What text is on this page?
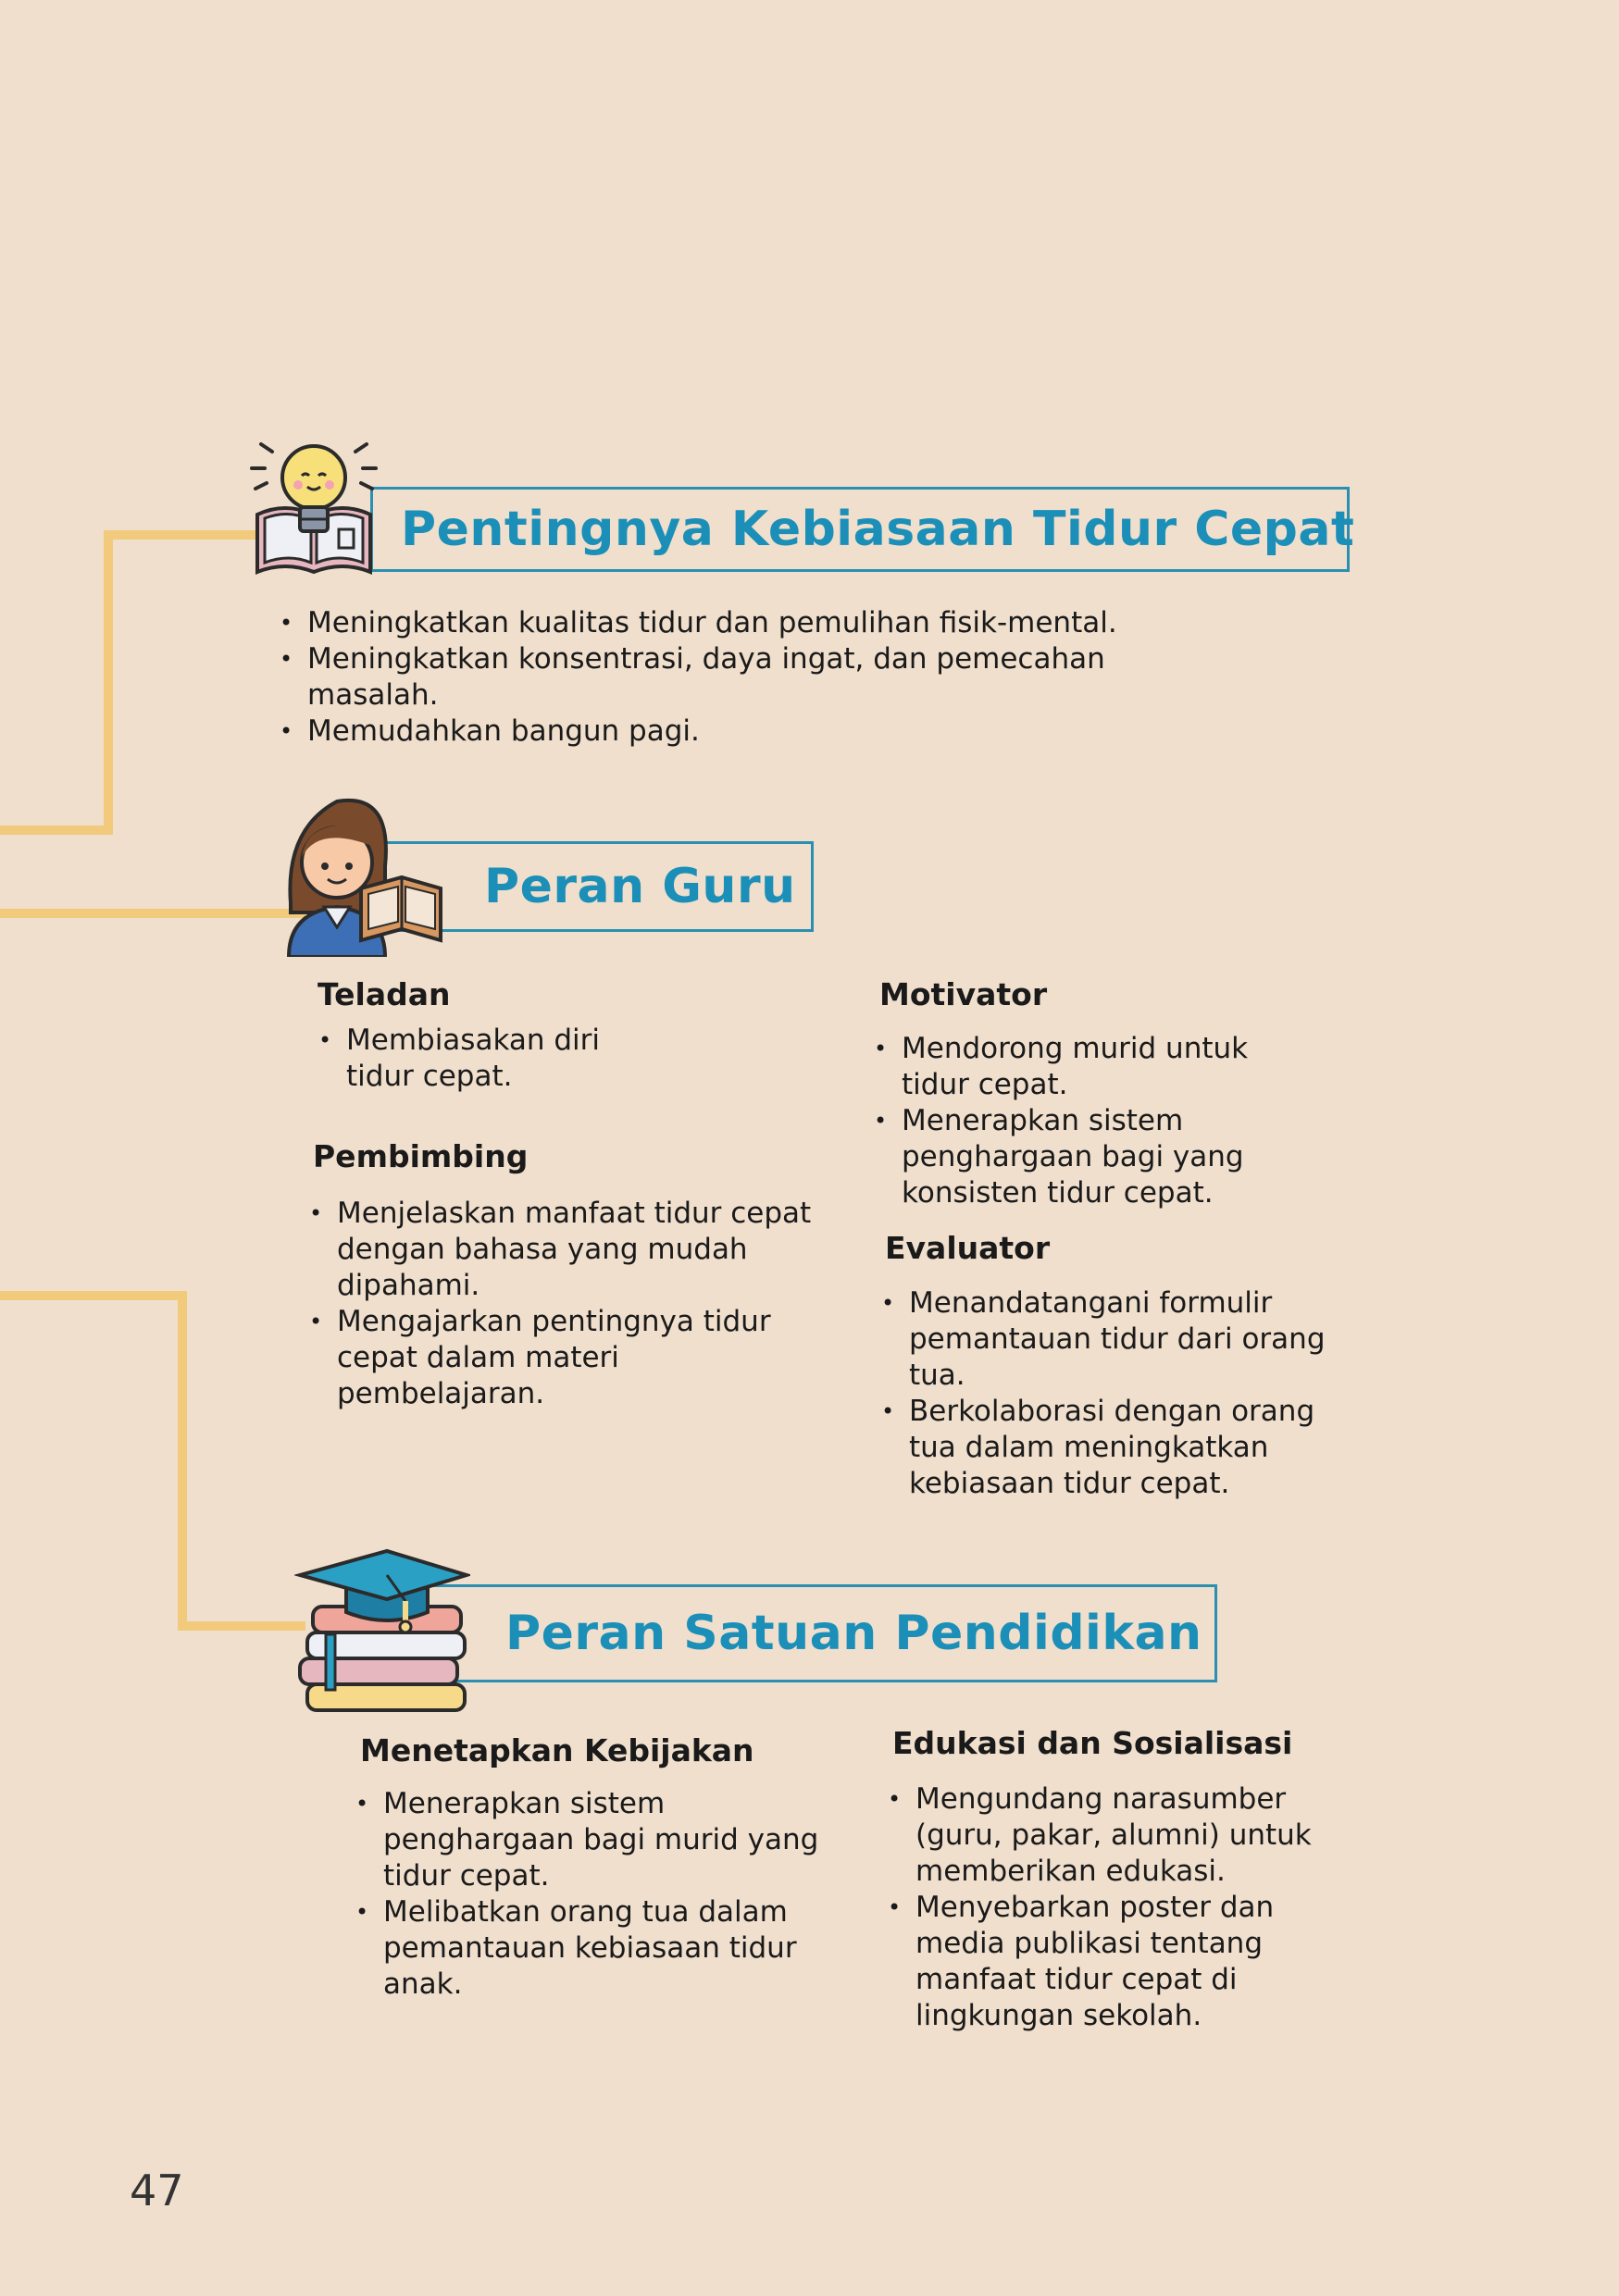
Pentingnya Kebiasaan Tidur Cepat
• Meningkatkan kualitas tidur dan pemulihan fisik-mental.
• Meningkatkan konsentrasi, daya ingat, dan pemecahan masalah.
• Memudahkan bangun pagi.
Peran Guru
Teladan
• Membiasakan diri tidur cepat.
Pembimbing
• Menjelaskan manfaat tidur cepat dengan bahasa yang mudah dipahami.
• Mengajarkan pentingnya tidur cepat dalam materi pembelajaran.
Motivator
• Mendorong murid untuk tidur cepat.
• Menerapkan sistem penghargaan bagi yang konsisten tidur cepat.
Evaluator
• Menandatangani formulir pemantauan tidur dari orang tua.
• Berkolaborasi dengan orang tua dalam meningkatkan kebiasaan tidur cepat.
Peran Satuan Pendidikan
Menetapkan Kebijakan
• Menerapkan sistem penghargaan bagi murid yang tidur cepat.
• Melibatkan orang tua dalam pemantauan kebiasaan tidur anak.
Edukasi dan Sosialisasi
• Mengundang narasumber (guru, pakar, alumni) untuk memberikan edukasi.
• Menyebarkan poster dan media publikasi tentang manfaat tidur cepat di lingkungan sekolah.
47
